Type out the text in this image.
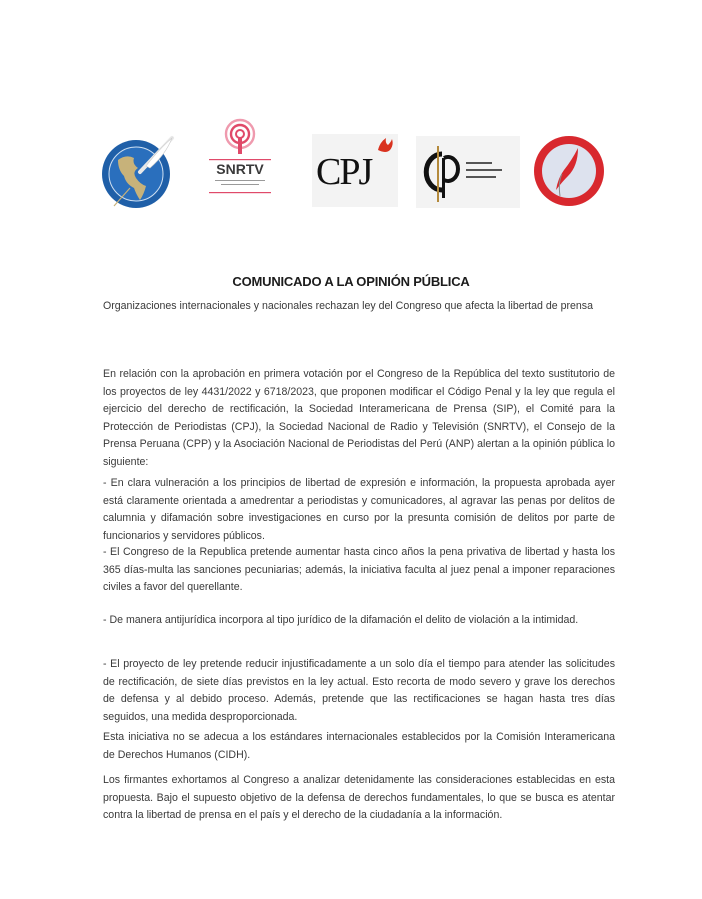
SNRTV CPJ
COMUNICADO A LA OPINIÓN PÚBLICA

Organizaciones internacionales y nacionales rechazan ley del Congreso que afecta la libertad de prensa

En relación con la aprobación en primera votación por el Congreso de la República del texto sustitutorio de los proyectos de ley 4431/2022 y 6718/2023, que proponen modificar el Código Penal y la ley que regula el ejercicio del derecho de rectificación, la Sociedad Interamericana de Prensa (SIP), el Comité para la Protección de Periodistas (CPJ), la Sociedad Nacional de Radio y Televisión (SNRTV), el Consejo de la Prensa Peruana (CPP) y la Asociación Nacional de Periodistas del Perú (ANP) alertan a la opinión pública lo siguiente:

- En clara vulneración a los principios de libertad de expresión e información, la propuesta aprobada ayer está claramente orientada a amedrentar a periodistas y comunicadores, al agravar las penas por delitos de calumnia y difamación sobre investigaciones en curso por la presunta comisión de delitos por parte de funcionarios y servidores públicos.

- El Congreso de la Republica pretende aumentar hasta cinco años la pena privativa de libertad y hasta los 365 días-multa las sanciones pecuniarias; además, la iniciativa faculta al juez penal a imponer reparaciones civiles a favor del querellante.

- De manera antijurídica incorpora al tipo jurídico de la difamación el delito de violación a la intimidad.

- El proyecto de ley pretende reducir injustificadamente a un solo día el tiempo para atender las solicitudes de rectificación, de siete días previstos en la ley actual. Esto recorta de modo severo y grave los derechos de defensa y al debido proceso. Además, pretende que las rectificaciones se hagan hasta tres días seguidos, una medida desproporcionada.

Esta iniciativa no se adecua a los estándares internacionales establecidos por la Comisión Interamericana de Derechos Humanos (CIDH).

Los firmantes exhortamos al Congreso a analizar detenidamente las consideraciones establecidas en esta propuesta. Bajo el supuesto objetivo de la defensa de derechos fundamentales, lo que se busca es atentar contra la libertad de prensa en el país y el derecho de la ciudadanía a la información.
